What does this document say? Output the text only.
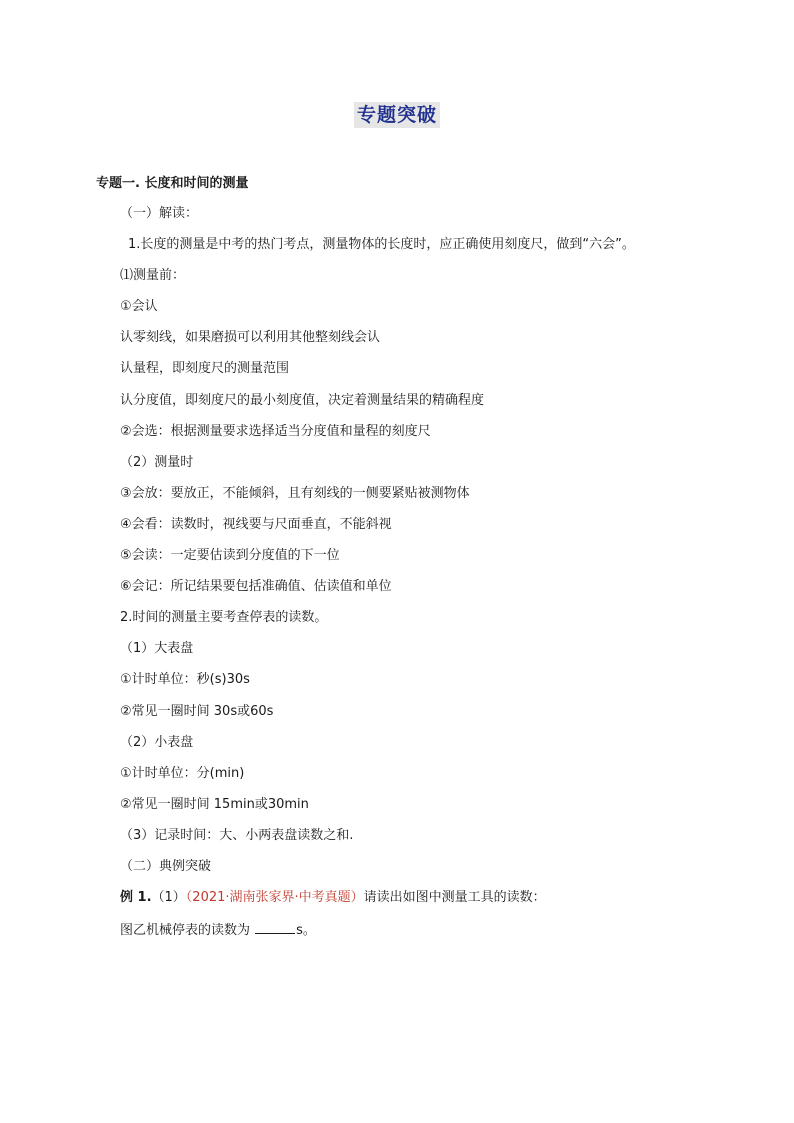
专题突破
专题一. 长度和时间的测量
（一）解读：
1.长度的测量是中考的热门考点，测量物体的长度时，应正确使用刻度尺，做到“六会”。
⑴测量前：
①会认
认零刻线，如果磨损可以利用其他整刻线会认
认量程，即刻度尺的测量范围
认分度值，即刻度尺的最小刻度值，决定着测量结果的精确程度
②会选：根据测量要求选择适当分度值和量程的刻度尺
（2）测量时
③会放：要放正，不能倾斜，且有刻线的一侧要紧贴被测物体
④会看：读数时，视线要与尺面垂直，不能斜视
⑤会读：一定要估读到分度值的下一位
⑥会记：所记结果要包括准确值、估读值和单位
2.时间的测量主要考查停表的读数。
（1）大表盘
①计时单位：秒(s)30s
②常见一圈时间 30s或60s
（2）小表盘
①计时单位：分(min)
②常见一圈时间 15min或30min
（3）记录时间：大、小两表盘读数之和.
（二）典例突破
例 1.（1）（2021·湖南张家界·中考真题）请读出如图中测量工具的读数：
图乙机械停表的读数为	s。
